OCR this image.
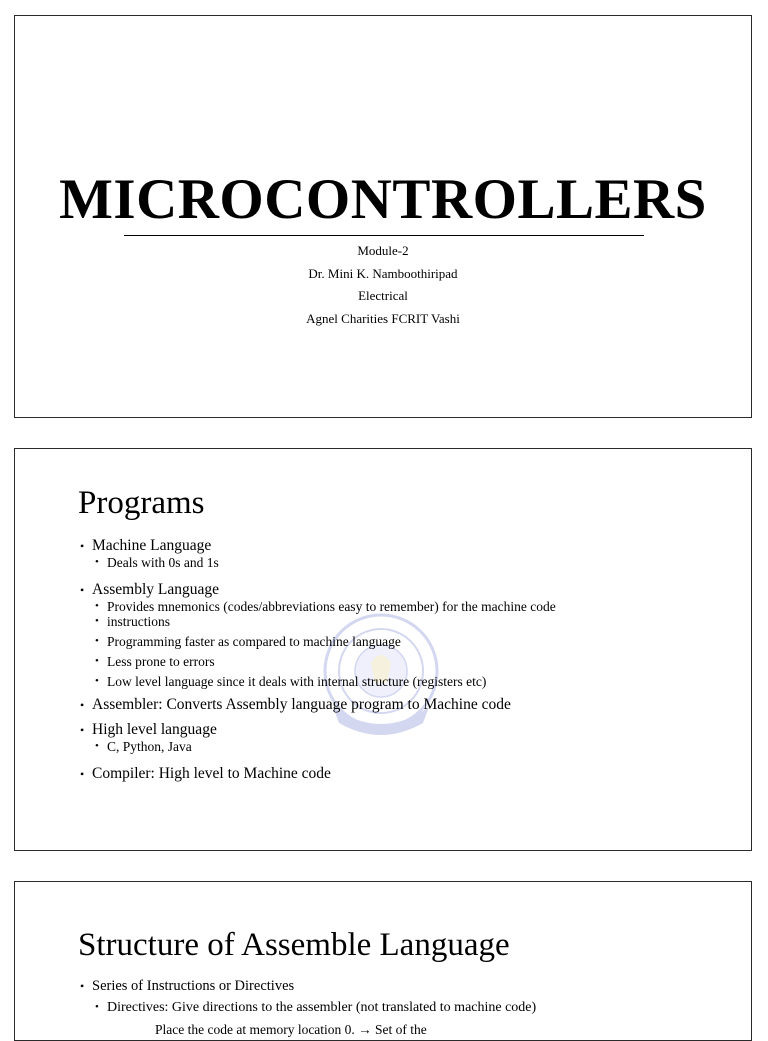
MICROCONTROLLERS
Module-2
Dr. Mini K. Namboothiripad
Electrical
Agnel Charities FCRIT Vashi
Programs
• Machine Language
• Deals with 0s and 1s
• Assembly Language
• Provides mnemonics (codes/abbreviations easy to remember) for the machine code
• instructions
• Programming faster as compared to machine language
• Less prone to errors
• Low level language since it deals with internal structure (registers etc)
• Assembler: Converts Assembly language program to Machine code
• High level language
• C, Python, Java
• Compiler: High level to Machine code
Structure of Assemble Language
• Series of Instructions or Directives
• Directives: Give directions to the assembler (not translated to machine code)
Place the code at memory location 0. → Set of the
